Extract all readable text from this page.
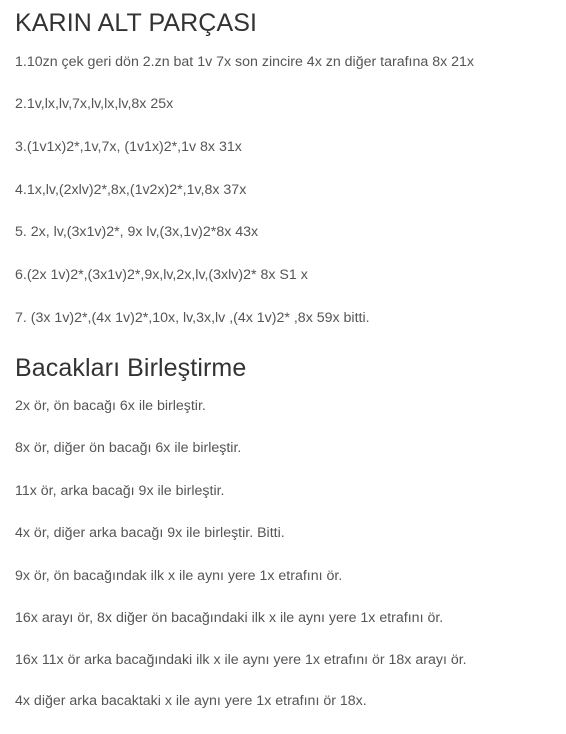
KARIN ALT PARÇASI
1.10zn çek geri dön 2.zn bat 1v 7x son zincire 4x zn diğer tarafına 8x 21x
2.1v,lx,lv,7x,lv,lx,lv,8x 25x
3.(1v1x)2*,1v,7x, (1v1x)2*,1v 8x 31x
4.1x,lv,(2xlv)2*,8x,(1v2x)2*,1v,8x 37x
5. 2x, lv,(3x1v)2*, 9x lv,(3x,1v)2*8x 43x
6.(2x 1v)2*,(3x1v)2*,9x,lv,2x,lv,(3xlv)2* 8x S1 x
7. (3x 1v)2*,(4x 1v)2*,10x, lv,3x,lv ,(4x 1v)2* ,8x 59x bitti.
Bacakları Birleştirme
2x ör, ön bacağı 6x ile birleştir.
8x ör, diğer ön bacağı 6x ile birleştir.
11x ör, arka bacağı 9x ile birleştir.
4x ör, diğer arka bacağı 9x ile birleştir. Bitti.
9x ör, ön bacağındak ilk x ile aynı yere 1x etrafını ör.
16x arayı ör, 8x diğer ön bacağındaki ilk x ile aynı yere 1x etrafını ör.
16x 11x ör arka bacağındaki ilk x ile aynı yere 1x etrafını ör 18x arayı ör.
4x diğer arka bacaktaki x ile aynı yere 1x etrafını ör 18x.
